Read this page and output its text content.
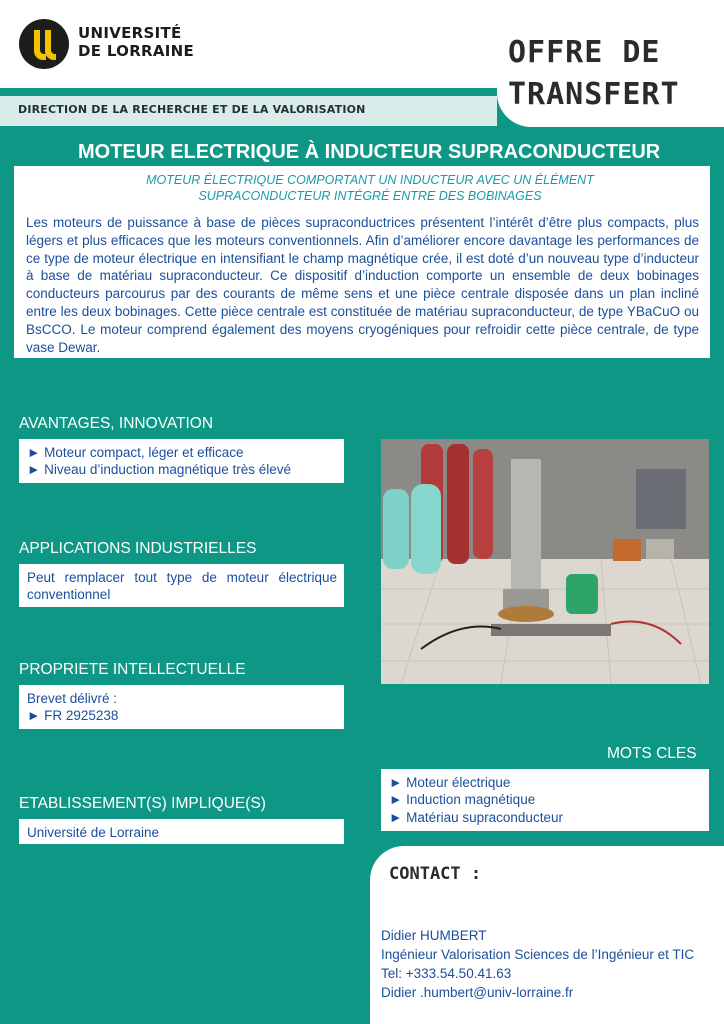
UNIVERSITÉ
DE LORRAINE	OFFRE DE
TRANSFERT
DIRECTION DE LA RECHERCHE ET DE LA VALORISATION
MOTEUR ELECTRIQUE À INDUCTEUR SUPRACONDUCTEUR
MOTEUR ÉLECTRIQUE COMPORTANT UN INDUCTEUR AVEC UN ÉLÉMENT
SUPRACONDUCTEUR INTÉGRÉ ENTRE DES BOBINAGES
Les moteurs de puissance à base de pièces supraconductrices présentent l’intérêt d’être plus compacts, plus légers et plus efficaces que les moteurs conventionnels. Afin d’améliorer encore davantage les performances de ce type de moteur électrique en intensifiant le champ magnétique crée, il est doté d’un nouveau type d’inducteur à base de matériau supraconducteur. Ce dispositif d’induction comporte un ensemble de deux bobinages conducteurs parcourus par des courants de même sens et une pièce centrale disposée dans un plan incliné entre les deux bobinages. Cette pièce centrale est constituée de matériau supraconducteur, de type YBaCuO ou BsCCO. Le moteur comprend également des moyens cryogéniques pour refroidir cette pièce centrale, de type vase Dewar.
AVANTAGES, INNOVATION
► Moteur compact, léger et efficace
► Niveau d’induction magnétique très élevé
APPLICATIONS INDUSTRIELLES
Peut remplacer tout type de moteur électrique conventionnel
PROPRIETE INTELLECTUELLE
Brevet délivré :
► FR 2925238
ETABLISSEMENT(S) IMPLIQUE(S)
Université de Lorraine
MOTS CLES
► Moteur électrique
► Induction magnétique
► Matériau supraconducteur
CONTACT :
Didier HUMBERT
Ingénieur Valorisation Sciences de l’Ingénieur et TIC
Tel: +333.54.50.41.63
Didier .humbert@univ-lorraine.fr
